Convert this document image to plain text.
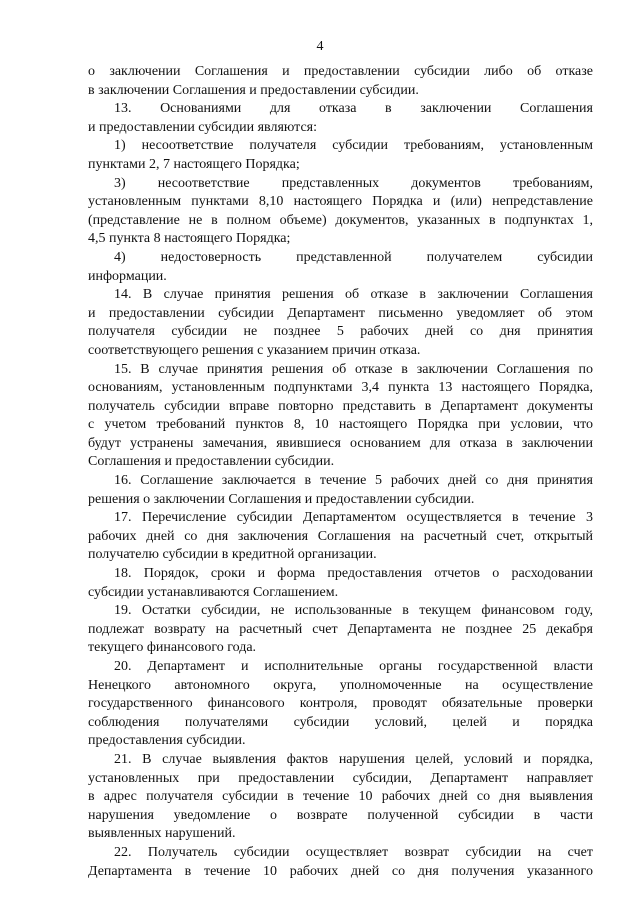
4
о заключении Соглашения и предоставлении субсидии либо об отказе
в заключении Соглашения и предоставлении субсидии.
13. Основаниями для отказа в заключении Соглашения
и предоставлении субсидии являются:
1) несоответствие получателя субсидии требованиям, установленным
пунктами 2, 7 настоящего Порядка;
3) несоответствие представленных документов требованиям,
установленным пунктами 8,10 настоящего Порядка и (или) непредставление
(представление не в полном объеме) документов, указанных в подпунктах 1,
4,5 пункта 8 настоящего Порядка;
4) недостоверность представленной получателем субсидии
информации.
14. В случае принятия решения об отказе в заключении Соглашения
и предоставлении субсидии Департамент письменно уведомляет об этом
получателя субсидии не позднее 5 рабочих дней со дня принятия
соответствующего решения с указанием причин отказа.
15. В случае принятия решения об отказе в заключении Соглашения по
основаниям, установленным подпунктами 3,4 пункта 13 настоящего Порядка,
получатель субсидии вправе повторно представить в Департамент документы
с учетом требований пунктов 8, 10 настоящего Порядка при условии, что
будут устранены замечания, явившиеся основанием для отказа в заключении
Соглашения и предоставлении субсидии.
16. Соглашение заключается в течение 5 рабочих дней со дня принятия
решения о заключении Соглашения и предоставлении субсидии.
17. Перечисление субсидии Департаментом осуществляется в течение 3
рабочих дней со дня заключения Соглашения на расчетный счет, открытый
получателю субсидии в кредитной организации.
18. Порядок, сроки и форма предоставления отчетов о расходовании
субсидии устанавливаются Соглашением.
19. Остатки субсидии, не использованные в текущем финансовом году,
подлежат возврату на расчетный счет Департамента не позднее 25 декабря
текущего финансового года.
20. Департамент и исполнительные органы государственной власти
Ненецкого автономного округа, уполномоченные на осуществление
государственного финансового контроля, проводят обязательные проверки
соблюдения получателями субсидии условий, целей и порядка
предоставления субсидии.
21. В случае выявления фактов нарушения целей, условий и порядка,
установленных при предоставлении субсидии, Департамент направляет
в адрес получателя субсидии в течение 10 рабочих дней со дня выявления
нарушения уведомление о возврате полученной субсидии в части
выявленных нарушений.
22. Получатель субсидии осуществляет возврат субсидии на счет
Департамента в течение 10 рабочих дней со дня получения указанного
